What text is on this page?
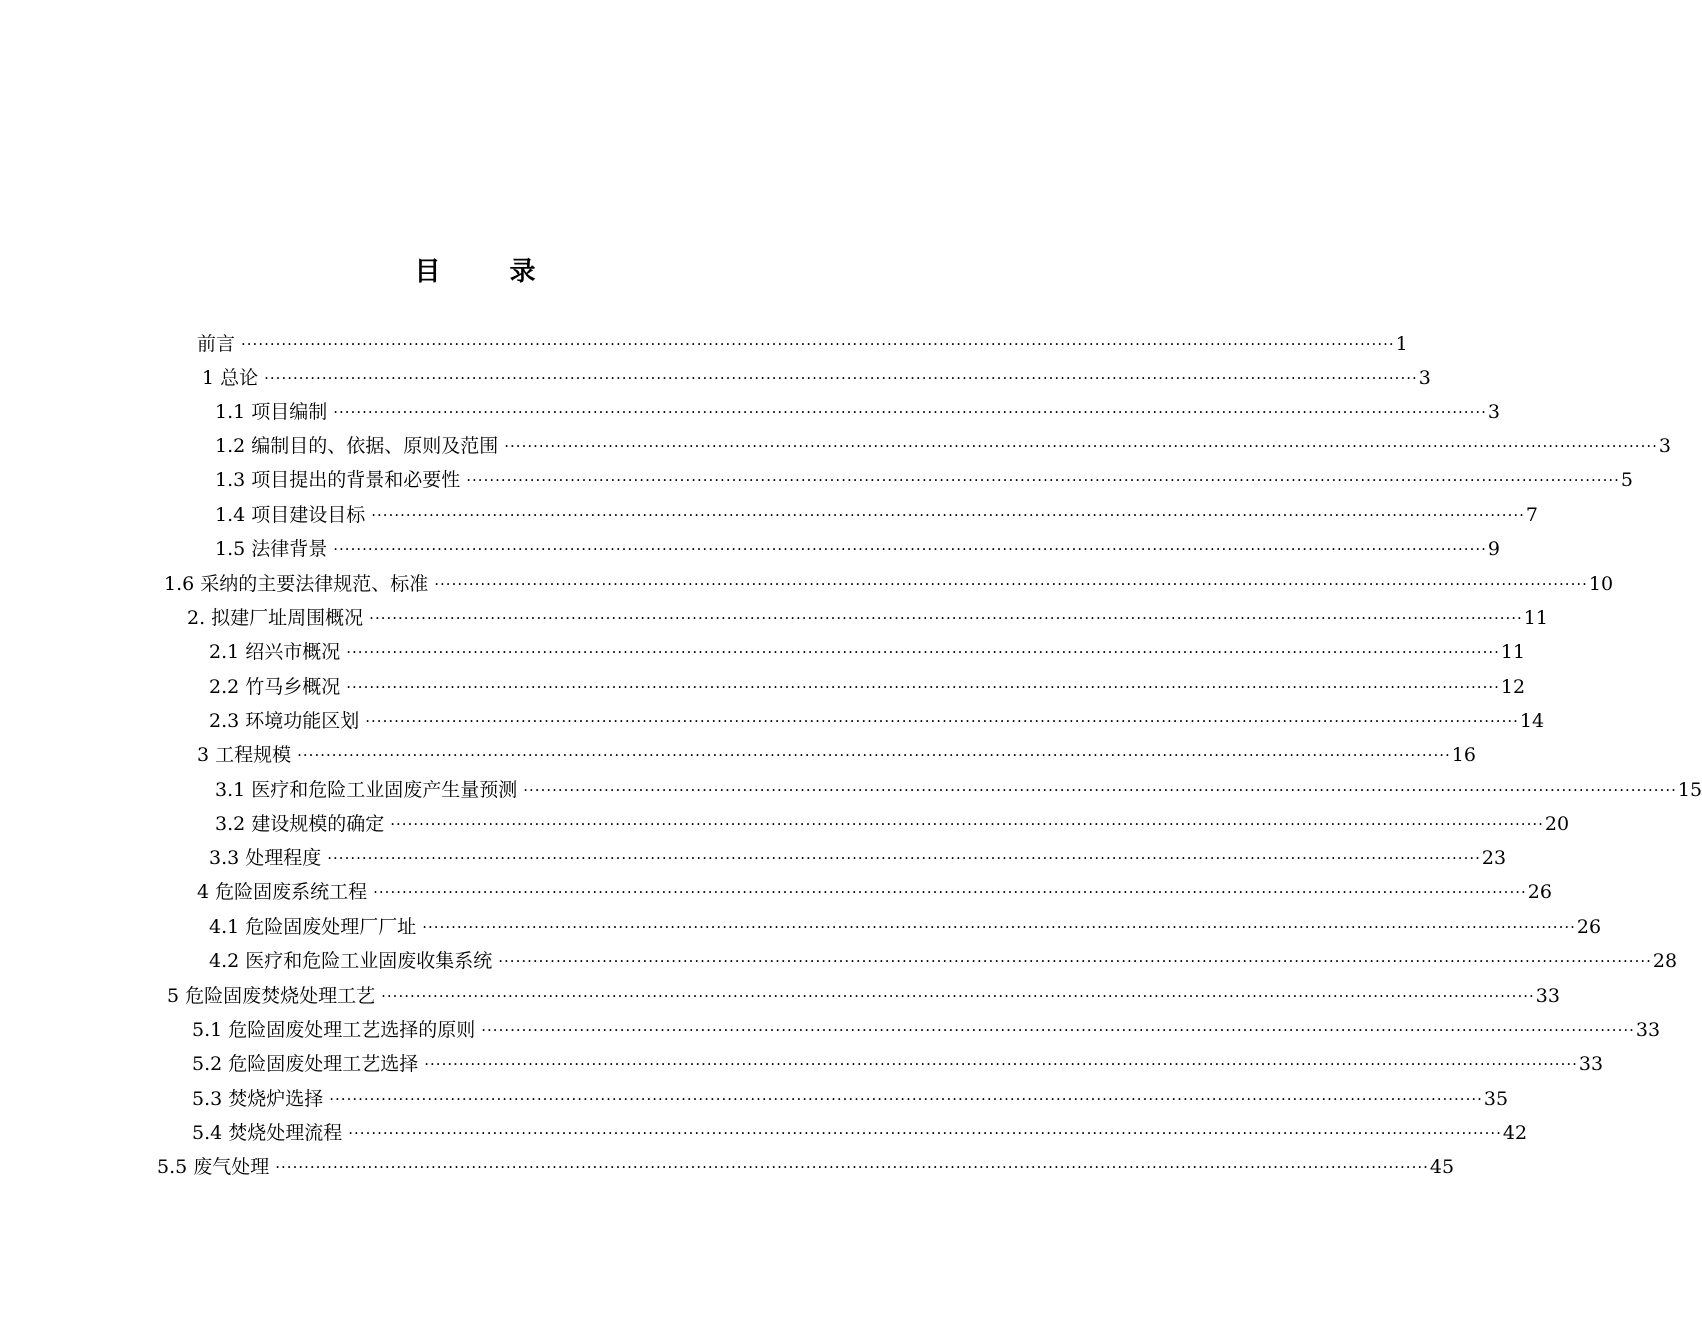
目 录
前言 ········································································································································································································ 1
1 总论 ········································································································································································································ 3
1.1 项目编制 ········································································································································································································ 3
1.2 编制目的、依据、原则及范围 ········································································································································································································ 3
1.3 项目提出的背景和必要性 ········································································································································································································ 5
1.4 项目建设目标 ········································································································································································································ 7
1.5 法律背景 ········································································································································································································ 9
1.6 采纳的主要法律规范、标准 ········································································································································································································ 10
2. 拟建厂址周围概况 ········································································································································································································ 11
2.1 绍兴市概况 ········································································································································································································ 11
2.2 竹马乡概况 ········································································································································································································ 12
2.3 环境功能区划 ········································································································································································································ 14
3 工程规模 ········································································································································································································ 16
3.1 医疗和危险工业固废产生量预测 ········································································································································································································ 15
3.2 建设规模的确定 ········································································································································································································ 20
3.3 处理程度 ········································································································································································································ 23
4 危险固废系统工程 ········································································································································································································ 26
4.1 危险固废处理厂厂址 ········································································································································································································ 26
4.2 医疗和危险工业固废收集系统 ········································································································································································································ 28
5 危险固废焚烧处理工艺 ········································································································································································································ 33
5.1 危险固废处理工艺选择的原则 ········································································································································································································ 33
5.2 危险固废处理工艺选择 ········································································································································································································ 33
5.3 焚烧炉选择 ········································································································································································································ 35
5.4 焚烧处理流程 ········································································································································································································ 42
5.5 废气处理 ········································································································································································································ 45
